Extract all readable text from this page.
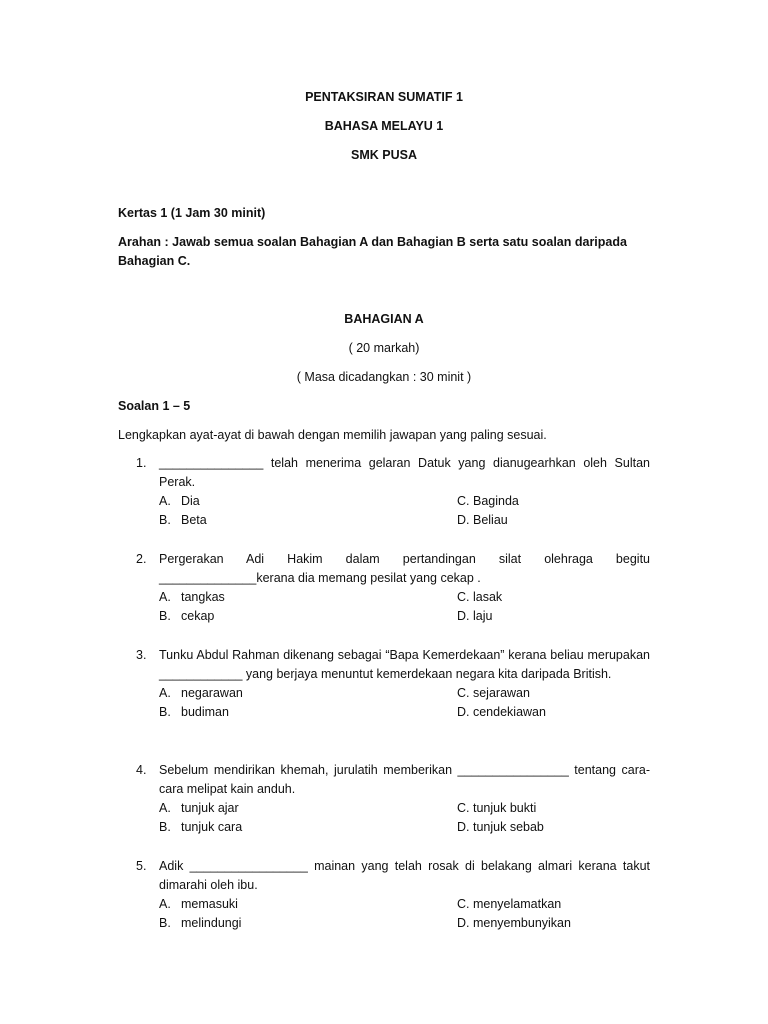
PENTAKSIRAN SUMATIF 1
BAHASA MELAYU 1
SMK PUSA
Kertas 1 (1 Jam 30 minit)
Arahan : Jawab semua soalan Bahagian A dan Bahagian B serta satu soalan daripada
Bahagian C.
BAHAGIAN A
( 20 markah)
( Masa dicadangkan : 30 minit )
Soalan 1 – 5
Lengkapkan ayat-ayat di bawah dengan memilih jawapan yang paling sesuai.
1.	_______________ telah menerima gelaran Datuk yang dianugearhkan oleh Sultan Perak.
A. Dia	C. Baginda
B. Beta	D. Beliau
2.	Pergerakan Adi Hakim dalam pertandingan silat olehraga begitu ______________kerana dia memang pesilat yang cekap .
A. tangkas	C. lasak
B. cekap	D. laju
3.	Tunku Abdul Rahman dikenang sebagai “Bapa Kemerdekaan” kerana beliau merupakan ____________ yang berjaya menuntut kemerdekaan negara kita daripada British.
A. negarawan	C. sejarawan
B. budiman	D. cendekiawan
4.	Sebelum mendirikan khemah, jurulatih memberikan ________________ tentang cara-cara melipat kain anduh.
A. tunjuk ajar	C. tunjuk bukti
B. tunjuk cara	D. tunjuk sebab
5.	Adik _________________ mainan yang telah rosak di belakang almari kerana takut dimarahi oleh ibu.
A. memasuki	C. menyelamatkan
B. melindungi	D. menyembunyikan
